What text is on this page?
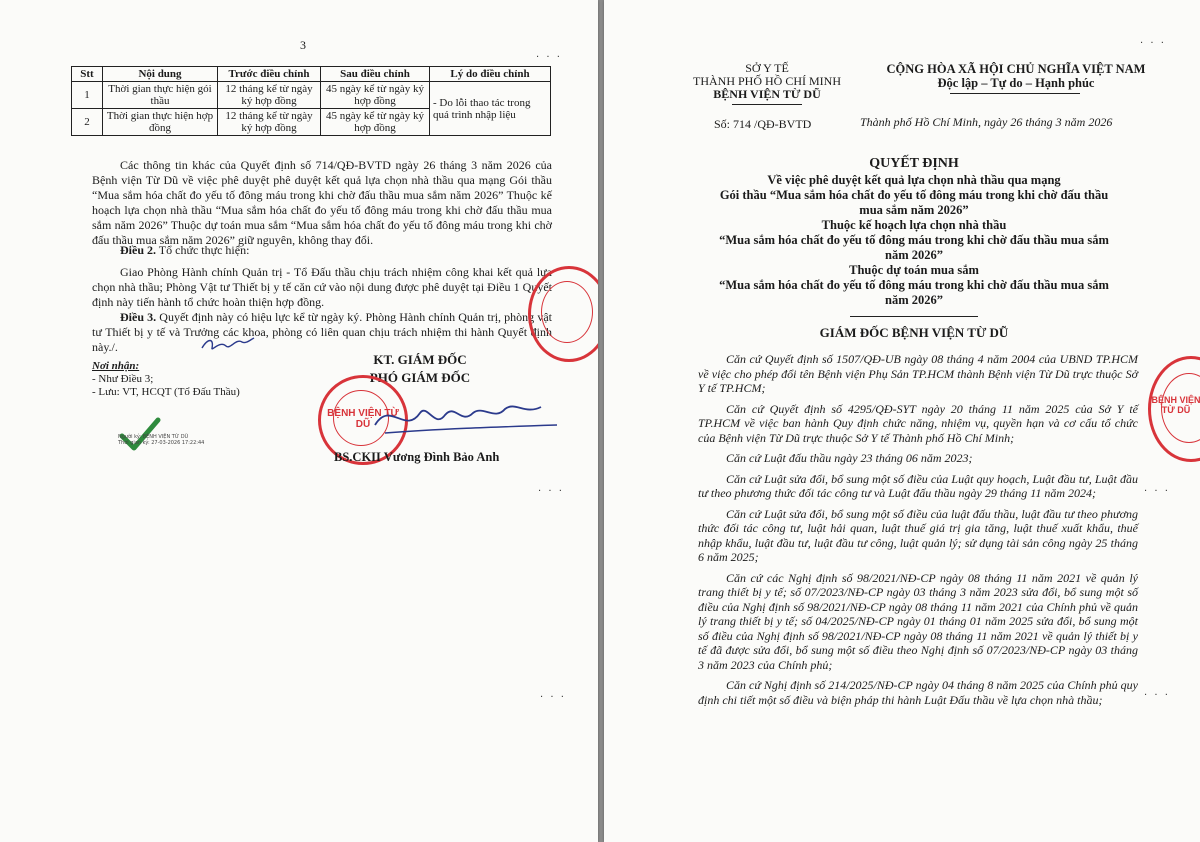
3
· · ·
Stt	Nội dung	Trước điều chỉnh	Sau điều chỉnh	Lý do điều chỉnh
1	Thời gian thực hiện gói thầu	12 tháng kể từ ngày ký hợp đồng	45 ngày kể từ ngày ký hợp đồng	- Do lỗi thao tác trong quá trình nhập liệu
2	Thời gian thực hiện hợp đồng	12 tháng kể từ ngày ký hợp đồng	45 ngày kể từ ngày ký hợp đồng	

Các thông tin khác của Quyết định số 714/QĐ-BVTD ngày 26 tháng 3 năm 2026 của Bệnh viện Từ Dũ về việc phê duyệt phê duyệt kết quả lựa chọn nhà thầu qua mạng Gói thầu “Mua sắm hóa chất đo yếu tố đông máu trong khi chờ đấu thầu mua sắm năm 2026” Thuộc kế hoạch lựa chọn nhà thầu “Mua sắm hóa chất đo yếu tố đông máu trong khi chờ đấu thầu mua sắm năm 2026” Thuộc dự toán mua sắm “Mua sắm hóa chất đo yếu tố đông máu trong khi chờ đấu thầu mua sắm năm 2026” giữ nguyên, không thay đổi.

Điều 2. Tổ chức thực hiện:

Giao Phòng Hành chính Quản trị - Tổ Đấu thầu chịu trách nhiệm công khai kết quả lựa chọn nhà thầu; Phòng Vật tư Thiết bị y tế căn cứ vào nội dung được phê duyệt tại Điều 1 Quyết định này tiến hành tổ chức hoàn thiện hợp đồng.

Điều 3. Quyết định này có hiệu lực kể từ ngày ký. Phòng Hành chính Quản trị, phòng vật tư Thiết bị y tế và Trưởng các khoa, phòng có liên quan chịu trách nhiệm thi hành Quyết định này./.

Nơi nhận:
- Như Điều 3;
- Lưu: VT, HCQT (Tổ Đấu Thầu)
KT. GIÁM ĐỐC
PHÓ GIÁM ĐỐC
BỆNH VIỆN TỪ DŨ
BS.CKII Vương Đình Bảo Anh
Người ký: BỆNH VIỆN TỪ DŨ
Thời gian ký: 27-03-2026 17:22:44
· · ·
· · ·
· · ·
SỞ Y TẾ
THÀNH PHỐ HỒ CHÍ MINH
BỆNH VIỆN TỪ DŨ
Số: 714 /QĐ-BVTD
CỘNG HÒA XÃ HỘI CHỦ NGHĨA VIỆT NAM
Độc lập – Tự do – Hạnh phúc
Thành phố Hồ Chí Minh, ngày 26 tháng 3 năm 2026
QUYẾT ĐỊNH
Về việc phê duyệt kết quả lựa chọn nhà thầu qua mạng
Gói thầu “Mua sắm hóa chất đo yếu tố đông máu trong khi chờ đấu thầu
mua sắm năm 2026”
Thuộc kế hoạch lựa chọn nhà thầu
“Mua sắm hóa chất đo yếu tố đông máu trong khi chờ đấu thầu mua sắm
năm 2026”
Thuộc dự toán mua sắm
“Mua sắm hóa chất đo yếu tố đông máu trong khi chờ đấu thầu mua sắm
năm 2026”
GIÁM ĐỐC BỆNH VIỆN TỪ DŨ

Căn cứ Quyết định số 1507/QĐ-UB ngày 08 tháng 4 năm 2004 của UBND TP.HCM về việc cho phép đổi tên Bệnh viện Phụ Sản TP.HCM thành Bệnh viện Từ Dũ trực thuộc Sở Y tế TP.HCM;

Căn cứ Quyết định số 4295/QĐ-SYT ngày 20 tháng 11 năm 2025 của Sở Y tế TP.HCM về việc ban hành Quy định chức năng, nhiệm vụ, quyền hạn và cơ cấu tổ chức của Bệnh viện Từ Dũ trực thuộc Sở Y tế Thành phố Hồ Chí Minh;

Căn cứ Luật đấu thầu ngày 23 tháng 06 năm 2023;

Căn cứ Luật sửa đổi, bổ sung một số điều của Luật quy hoạch, Luật đầu tư, Luật đầu tư theo phương thức đối tác công tư và Luật đấu thầu ngày 29 tháng 11 năm 2024;

Căn cứ Luật sửa đổi, bổ sung một số điều của luật đấu thầu, luật đầu tư theo phương thức đối tác công tư, luật hải quan, luật thuế giá trị gia tăng, luật thuế xuất khẩu, thuế nhập khẩu, luật đầu tư, luật đầu tư công, luật quản lý; sử dụng tài sản công ngày 25 tháng 6 năm 2025;

Căn cứ các Nghị định số 98/2021/NĐ-CP ngày 08 tháng 11 năm 2021 về quản lý trang thiết bị y tế; số 07/2023/NĐ-CP ngày 03 tháng 3 năm 2023 sửa đổi, bổ sung một số điều của Nghị định số 98/2021/NĐ-CP ngày 08 tháng 11 năm 2021 của Chính phủ về quản lý trang thiết bị y tế; số 04/2025/NĐ-CP ngày 01 tháng 01 năm 2025 sửa đổi, bổ sung một số điều của Nghị định số 98/2021/NĐ-CP ngày 08 tháng 11 năm 2021 về quản lý thiết bị y tế đã được sửa đổi, bổ sung một số điều theo Nghị định số 07/2023/NĐ-CP ngày 03 tháng 3 năm 2023 của Chính phủ;

Căn cứ Nghị định số 214/2025/NĐ-CP ngày 04 tháng 8 năm 2025 của Chính phủ quy định chi tiết một số điều và biện pháp thi hành Luật Đấu thầu về lựa chọn nhà thầu;

BỆNH VIỆN TỪ DŨ
· · ·
· · ·
